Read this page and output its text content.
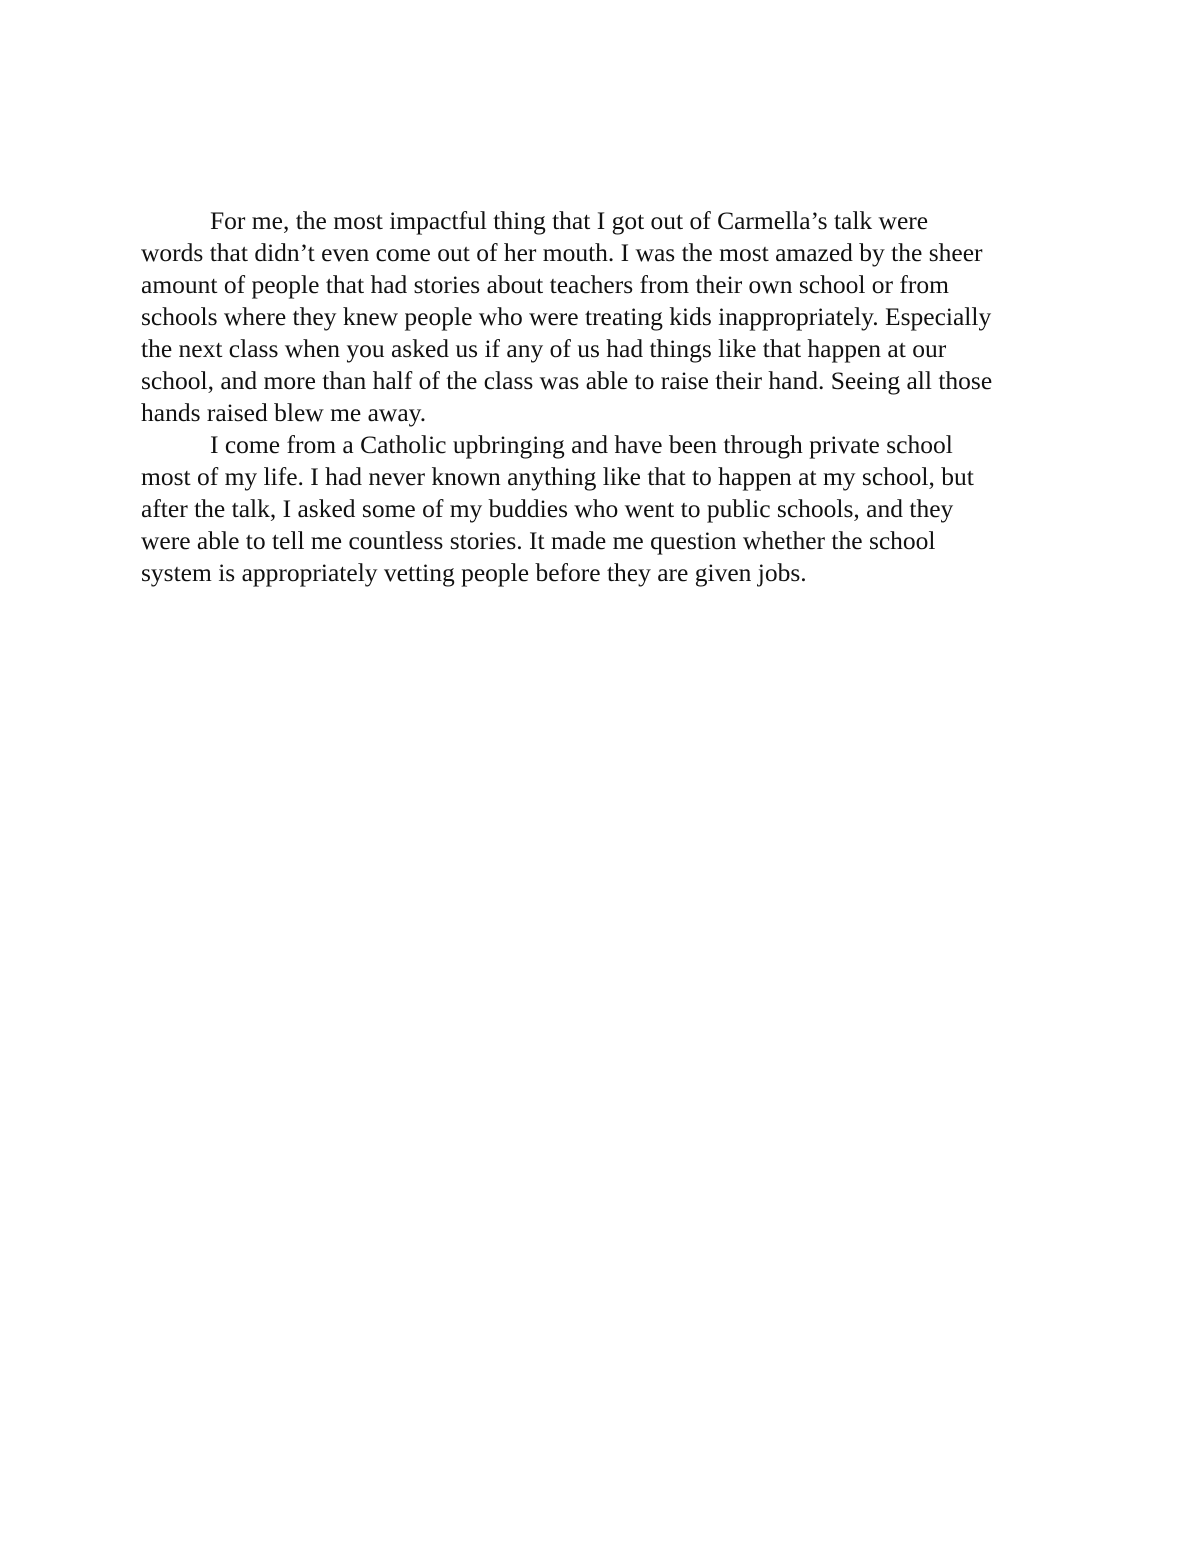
For me, the most impactful thing that I got out of Carmella’s talk were
words that didn’t even come out of her mouth. I was the most amazed by the sheer
amount of people that had stories about teachers from their own school or from
schools where they knew people who were treating kids inappropriately. Especially
the next class when you asked us if any of us had things like that happen at our
school, and more than half of the class was able to raise their hand. Seeing all those
hands raised blew me away.
I come from a Catholic upbringing and have been through private school
most of my life. I had never known anything like that to happen at my school, but
after the talk, I asked some of my buddies who went to public schools, and they
were able to tell me countless stories. It made me question whether the school
system is appropriately vetting people before they are given jobs.
